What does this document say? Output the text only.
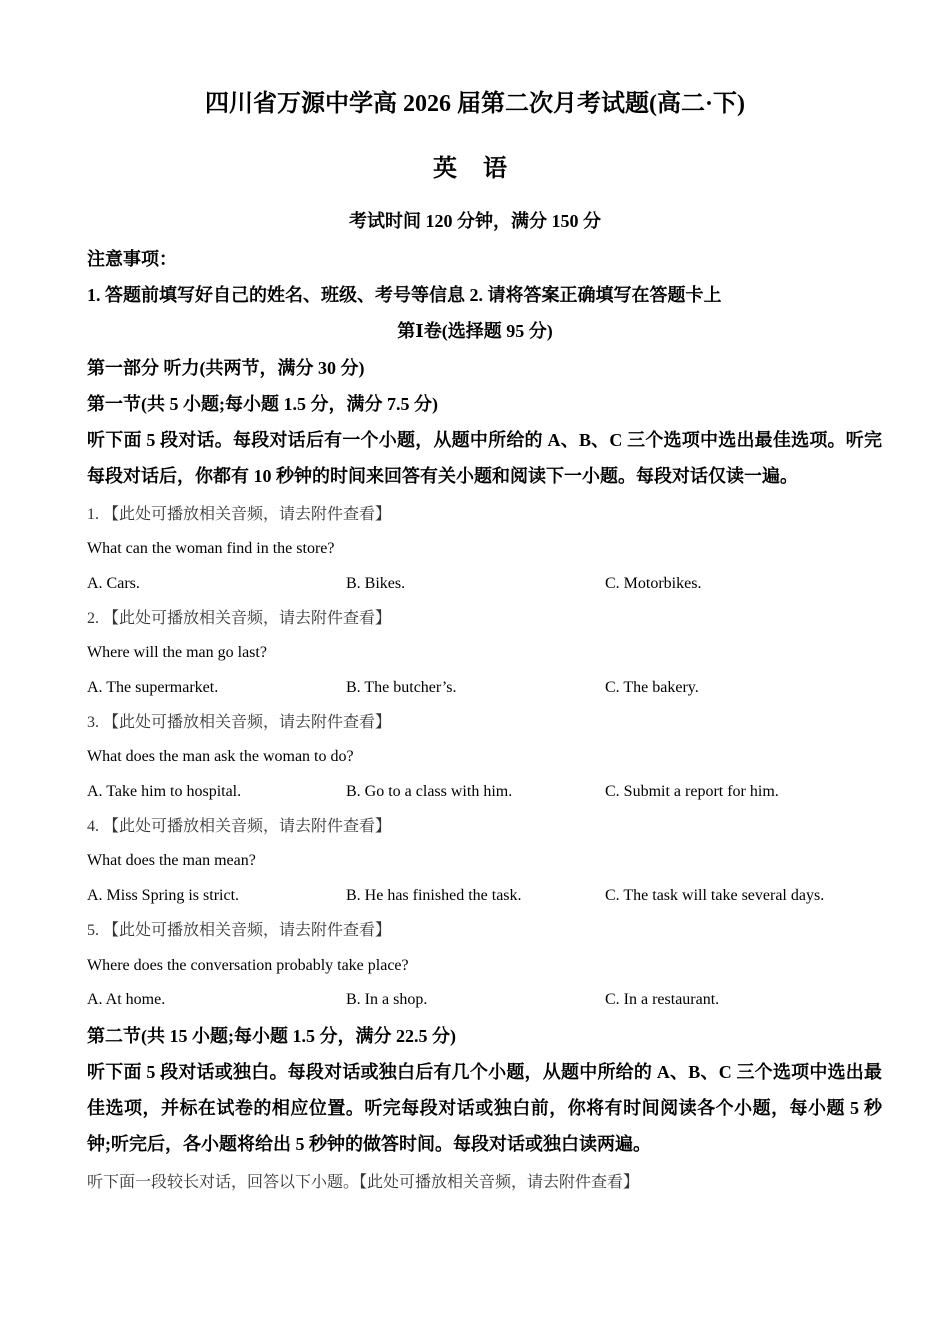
四川省万源中学高 2026 届第二次月考试题(高二·下)
英 语
考试时间 120 分钟，满分 150 分
注意事项：
1. 答题前填写好自己的姓名、班级、考号等信息 2. 请将答案正确填写在答题卡上
第Ⅰ卷(选择题 95 分)
第一部分 听力(共两节，满分 30 分)
第一节(共 5 小题;每小题 1.5 分，满分 7.5 分)
听下面 5 段对话。每段对话后有一个小题，从题中所给的 A、B、C 三个选项中选出最佳选项。听完每段对话后，你都有 10 秒钟的时间来回答有关小题和阅读下一小题。每段对话仅读一遍。
1. 【此处可播放相关音频，请去附件查看】
What can the woman find in the store?
A. Cars.	B. Bikes.	C. Motorbikes.
2. 【此处可播放相关音频，请去附件查看】
Where will the man go last?
A. The supermarket.	B. The butcher’s.	C. The bakery.
3. 【此处可播放相关音频，请去附件查看】
What does the man ask the woman to do?
A. Take him to hospital.	B. Go to a class with him.	C. Submit a report for him.
4. 【此处可播放相关音频，请去附件查看】
What does the man mean?
A. Miss Spring is strict.	B. He has finished the task.	C. The task will take several days.
5. 【此处可播放相关音频，请去附件查看】
Where does the conversation probably take place?
A. At home.	B. In a shop.	C. In a restaurant.
第二节(共 15 小题;每小题 1.5 分，满分 22.5 分)
听下面 5 段对话或独白。每段对话或独白后有几个小题，从题中所给的 A、B、C 三个选项中选出最佳选项，并标在试卷的相应位置。听完每段对话或独白前，你将有时间阅读各个小题，每小题 5 秒钟;听完后，各小题将给出 5 秒钟的做答时间。每段对话或独白读两遍。
听下面一段较长对话，回答以下小题。【此处可播放相关音频，请去附件查看】
